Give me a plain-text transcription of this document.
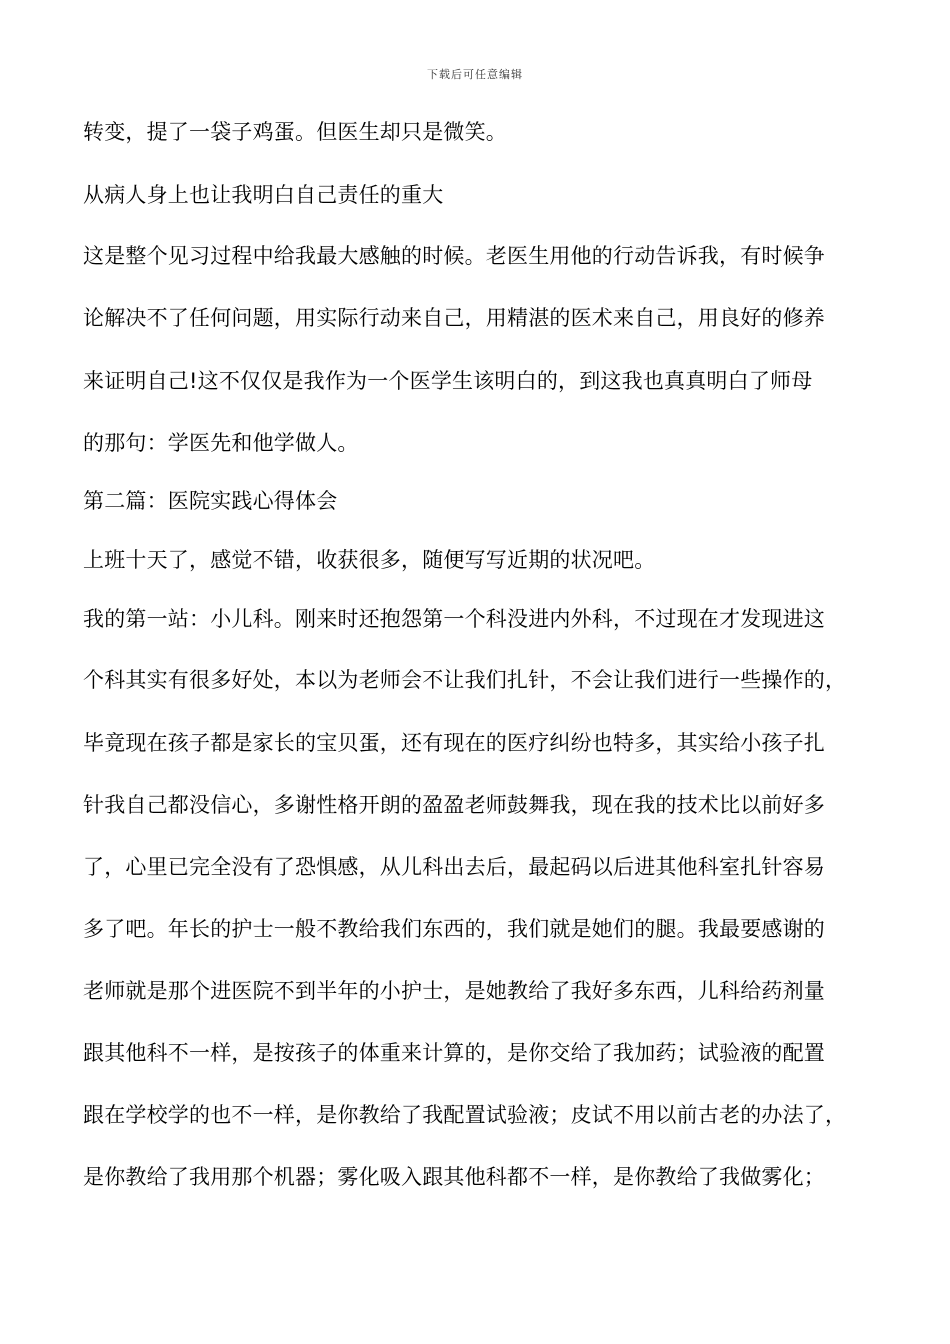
下载后可任意编辑
转变，提了一袋子鸡蛋。但医生却只是微笑。
从病人身上也让我明白自己责任的重大
这是整个见习过程中给我最大感触的时候。老医生用他的行动告诉我，有时候争
论解决不了任何问题，用实际行动来自己，用精湛的医术来自己，用良好的修养
来证明自己!这不仅仅是我作为一个医学生该明白的，到这我也真真明白了师母
的那句：学医先和他学做人。
第二篇：医院实践心得体会
上班十天了，感觉不错，收获很多，随便写写近期的状况吧。
我的第一站：小儿科。刚来时还抱怨第一个科没进内外科，不过现在才发现进这
个科其实有很多好处，本以为老师会不让我们扎针，不会让我们进行一些操作的，
毕竟现在孩子都是家长的宝贝蛋，还有现在的医疗纠纷也特多，其实给小孩子扎
针我自己都没信心，多谢性格开朗的盈盈老师鼓舞我，现在我的技术比以前好多
了，心里已完全没有了恐惧感，从儿科出去后，最起码以后进其他科室扎针容易
多了吧。年长的护士一般不教给我们东西的，我们就是她们的腿。我最要感谢的
老师就是那个进医院不到半年的小护士，是她教给了我好多东西，儿科给药剂量
跟其他科不一样，是按孩子的体重来计算的，是你交给了我加药；试验液的配置
跟在学校学的也不一样，是你教给了我配置试验液；皮试不用以前古老的办法了，
是你教给了我用那个机器；雾化吸入跟其他科都不一样，是你教给了我做雾化；
